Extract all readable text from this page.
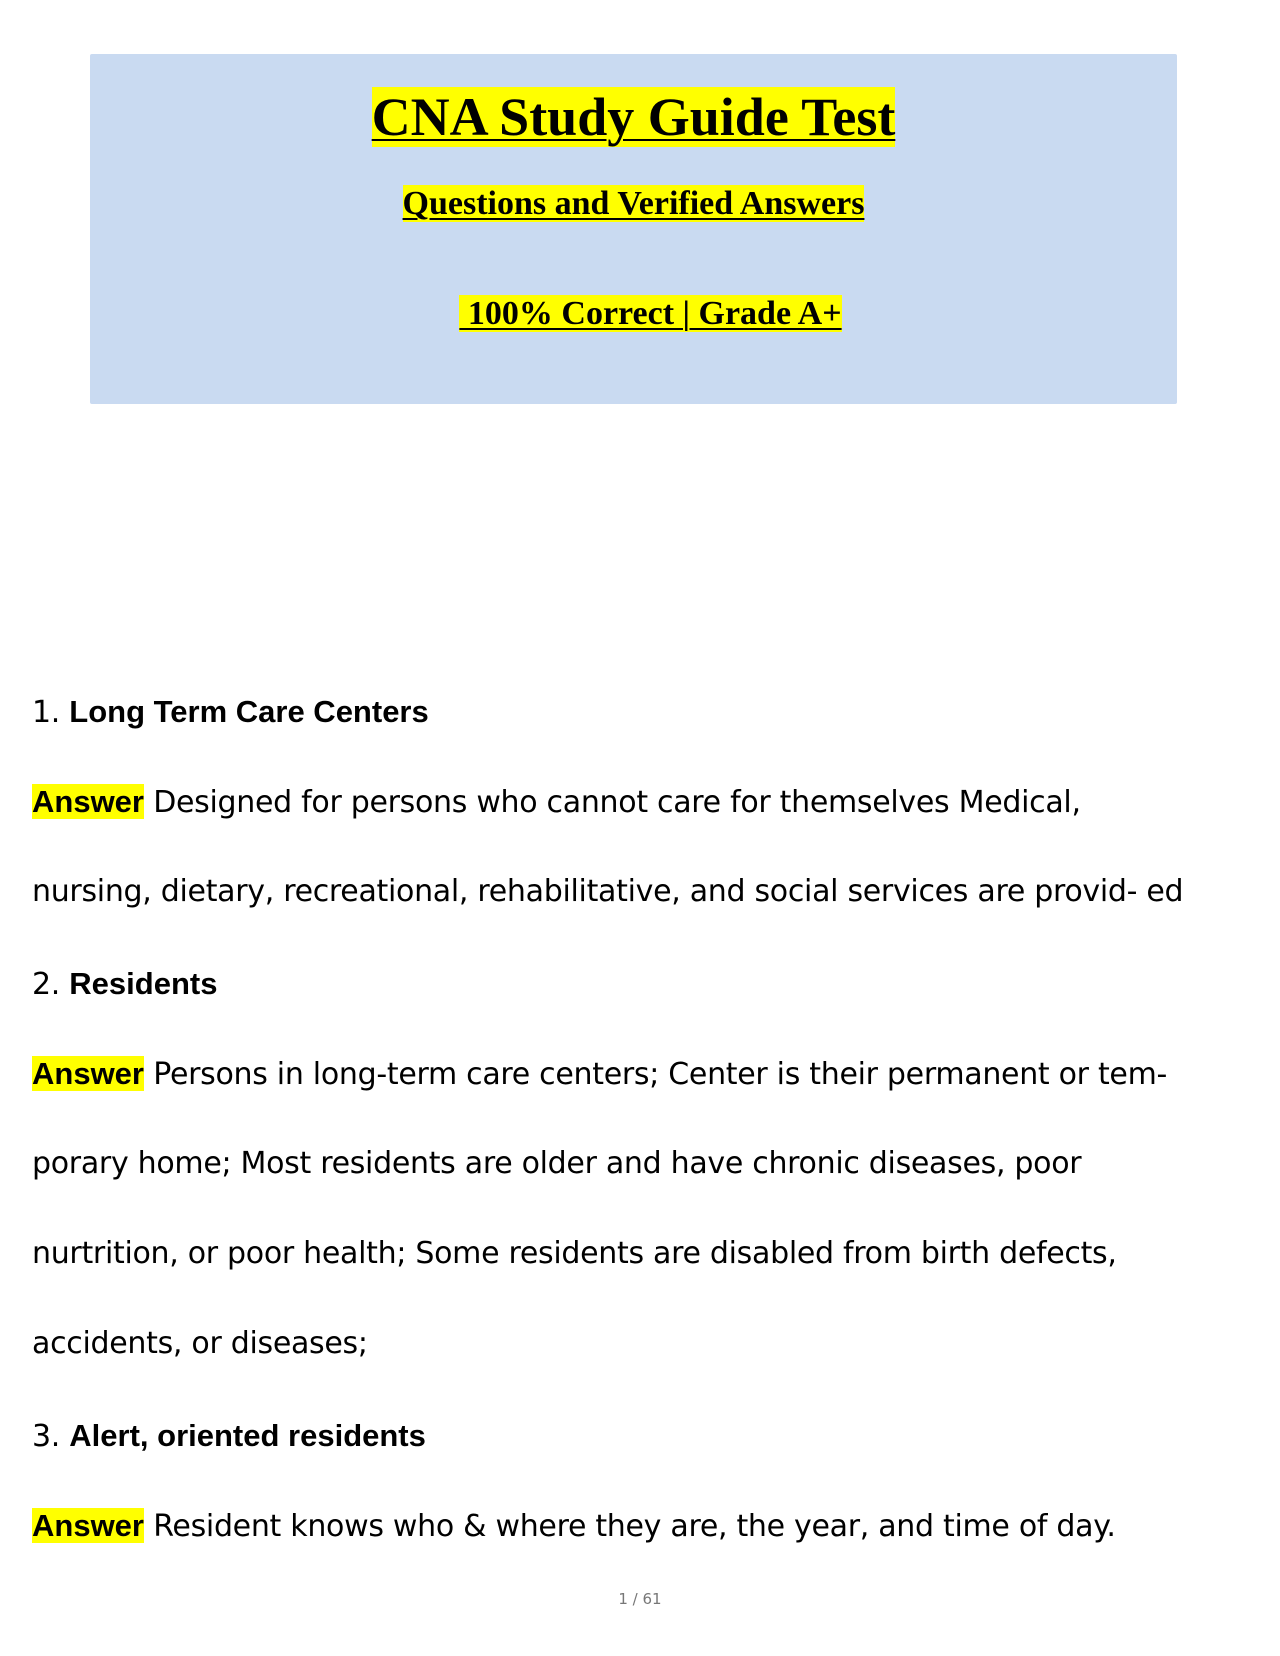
CNA Study Guide Test
Questions and Verified Answers

100% Correct | Grade A+

1. Long Term Care Centers
Answer Designed for persons who cannot care for themselves Medical,
nursing, dietary, recreational, rehabilitative, and social services are provid- ed
2. Residents
Answer Persons in long-term care centers; Center is their permanent or tem-
porary home; Most residents are older and have chronic diseases, poor
nurtrition, or poor health; Some residents are disabled from birth defects,
accidents, or diseases;
3. Alert, oriented residents
Answer Resident knows who & where they are, the year, and time of day.
1 / 61
